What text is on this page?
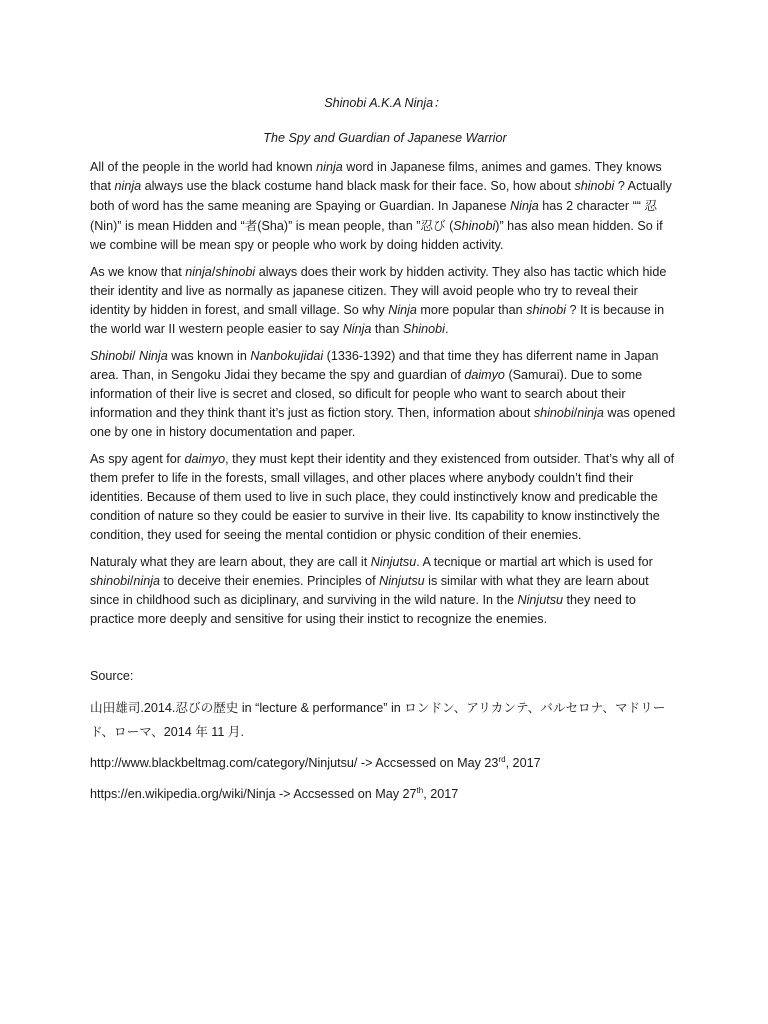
Shinobi A.K.A Ninja：

The Spy and Guardian of Japanese Warrior

All of the people in the world had known ninja word in Japanese films, animes and games. They knows that ninja always use the black costume hand black mask for their face. So, how about shinobi ? Actually both of word has the same meaning are Spaying or Guardian. In Japanese Ninja has 2 character ““ 忍 (Nin)” is mean Hidden and “者(Sha)” is mean people, than ”忍び (Shinobi)” has also mean hidden. So if we combine will be mean spy or people who work by doing hidden activity.

As we know that ninja/shinobi always does their work by hidden activity. They also has tactic which hide their identity and live as normally as japanese citizen. They will avoid people who try to reveal their identity by hidden in forest, and small village. So why Ninja more popular than shinobi ? It is because in the world war II western people easier to say Ninja than Shinobi.

Shinobi/ Ninja was known in Nanbokujidai (1336-1392) and that time they has diferrent name in Japan area. Than, in Sengoku Jidai they became the spy and guardian of daimyo (Samurai). Due to some information of their live is secret and closed, so dificult for people who want to search about their information and they think thant it’s just as fiction story. Then, information about shinobi/ninja was opened one by one in history documentation and paper.

As spy agent for daimyo, they must kept their identity and they existenced from outsider. That’s why all of them prefer to life in the forests, small villages, and other places where anybody couldn’t find their identities. Because of them used to live in such place, they could instinctively know and predicable the condition of nature so they could be easier to survive in their live. Its capability to know instinctively the condition, they used for seeing the mental contidion or physic condition of their enemies.

Naturaly what they are learn about, they are call it Ninjutsu. A tecnique or martial art which is used for shinobi/ninja to deceive their enemies. Principles of Ninjutsu is similar with what they are learn about since in childhood such as diciplinary, and surviving in the wild nature. In the Ninjutsu they need to practice more deeply and sensitive for using their instict to recognize the enemies.

Source:

山田雄司.2014.忍びの歴史 in “lecture & performance” in ロンドン、アリカンテ、バルセロナ、マドリード、ローマ、2014 年 11 月.

http://www.blackbeltmag.com/category/Ninjutsu/ -> Accsessed on May 23rd, 2017

https://en.wikipedia.org/wiki/Ninja -> Accsessed on May 27th, 2017
